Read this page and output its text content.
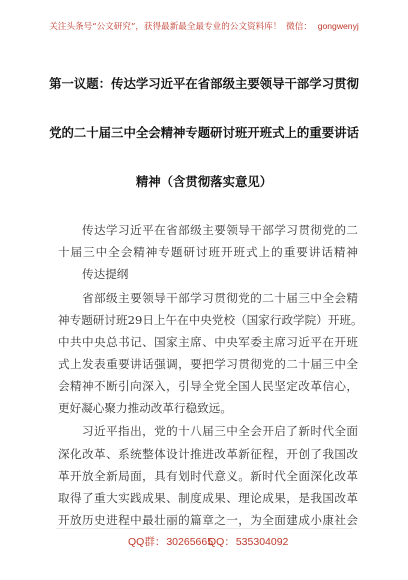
关注头条号“公文研究”，获得最新最全最专业的公文资料库！ 微信： gongwenyj
第一议题：传达学习近平在省部级主要领导干部学习贯彻
党的二十届三中全会精神专题研讨班开班式上的重要讲话
精神（含贯彻落实意见）
传达学习近平在省部级主要领导干部学习贯彻党的二
十届三中全会精神专题研讨班开班式上的重要讲话精神
传达提纲
省部级主要领导干部学习贯彻党的二十届三中全会精
神专题研讨班29日上午在中央党校（国家行政学院）开班。
中共中央总书记、国家主席、中央军委主席习近平在开班
式上发表重要讲话强调，要把学习贯彻党的二十届三中全
会精神不断引向深入，引导全党全国人民坚定改革信心，
更好凝心聚力推动改革行稳致远。
习近平指出，党的十八届三中全会开启了新时代全面
深化改革、系统整体设计推进改革新征程，开创了我国改
革开放全新局面，具有划时代意义。新时代全面深化改革
取得了重大实践成果、制度成果、理论成果，是我国改革
开放历史进程中最壮丽的篇章之一，为全面建成小康社会
QQ群：30265665
QQ：535304092
